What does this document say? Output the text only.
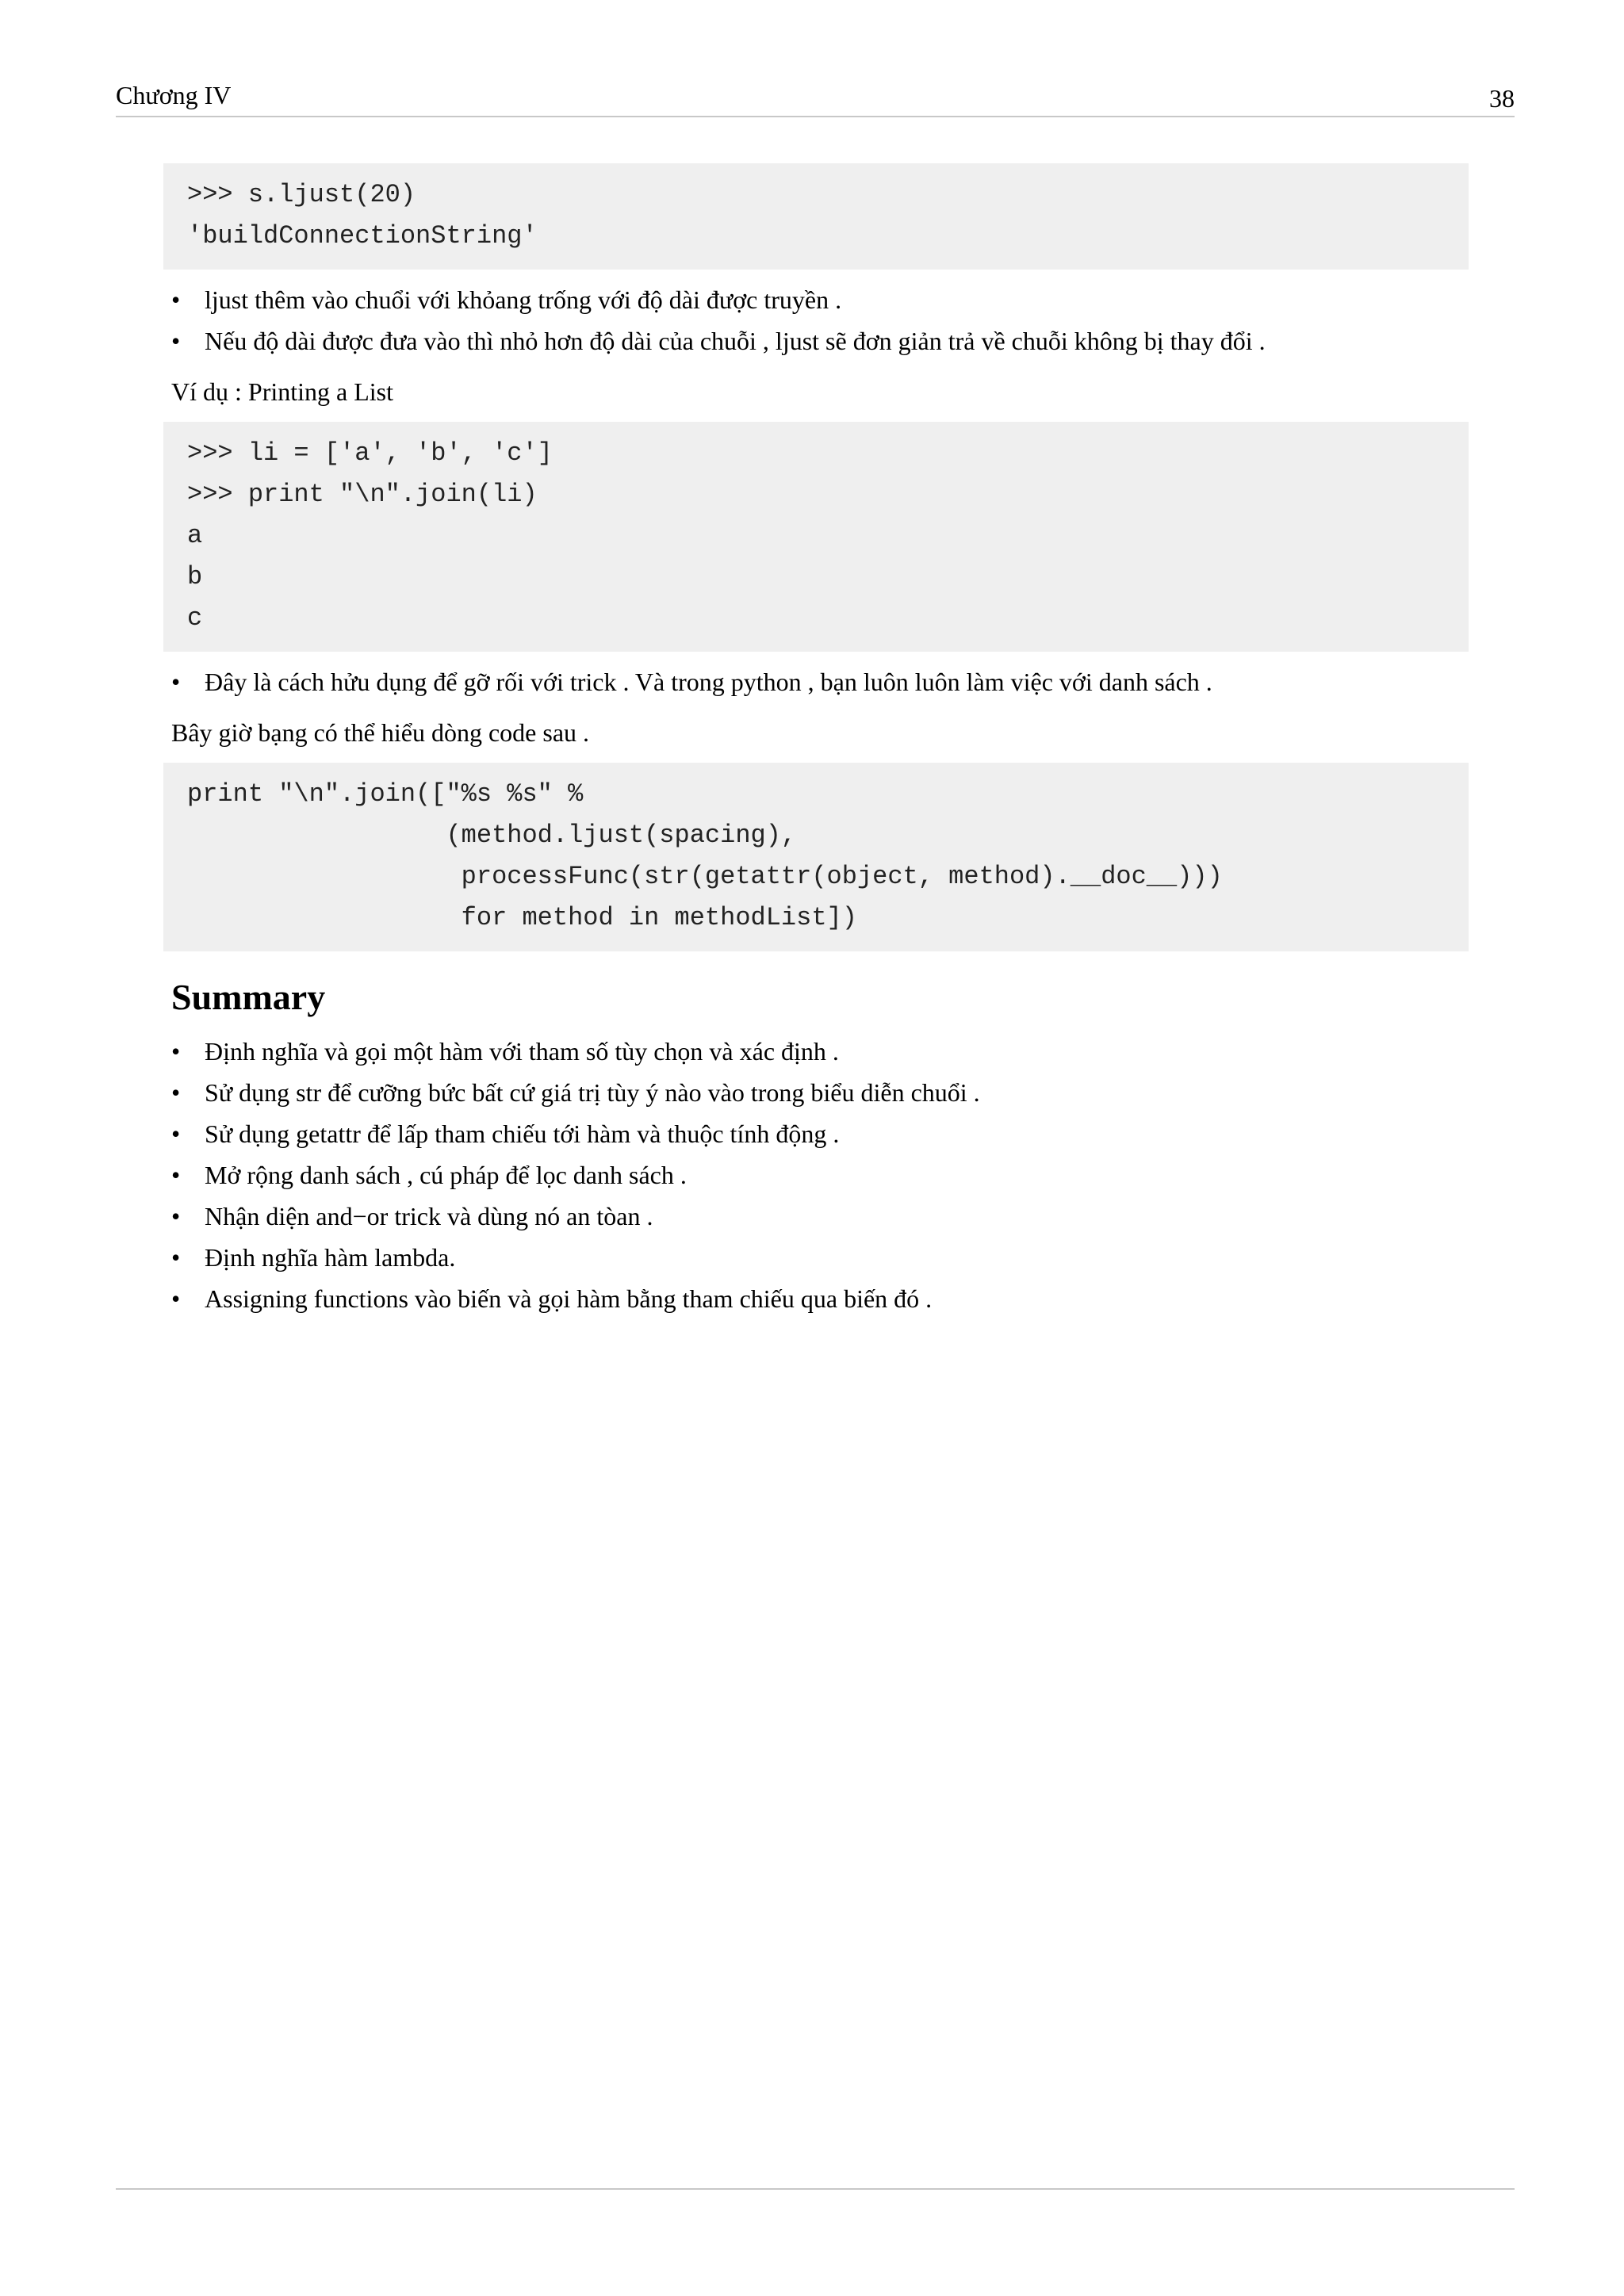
Chương IV	38
>>> s.ljust(20)
'buildConnectionString'
• ljust thêm vào chuổi với khỏang trống với độ dài được truyền .
• Nếu độ dài được đưa vào thì nhỏ hơn độ dài của chuỗi , ljust sẽ đơn giản trả về chuỗi không bị thay đổi .
Ví dụ : Printing a List
>>> li = ['a', 'b', 'c']
>>> print "\n".join(li)
a
b
c
• Đây là cách hửu dụng để gỡ rối với trick . Và trong python , bạn luôn luôn làm việc với danh sách .
Bây giờ bạng có thể hiểu dòng code sau .
print "\n".join(["%s %s" %
(method.ljust(spacing),
processFunc(str(getattr(object, method).__doc__)))
for method in methodList])
Summary
• Định nghĩa và gọi một hàm với tham số tùy chọn và xác định .
• Sử dụng str để cưỡng bức bất cứ giá trị tùy ý nào vào trong biểu diễn chuổi .
• Sử dụng getattr để lấp tham chiếu tới hàm và thuộc tính động .
• Mở rộng danh sách , cú pháp để lọc danh sách .
• Nhận diện and−or trick và dùng nó an tòan .
• Định nghĩa hàm lambda.
• Assigning functions vào biến và gọi hàm bằng tham chiếu qua biến đó .
